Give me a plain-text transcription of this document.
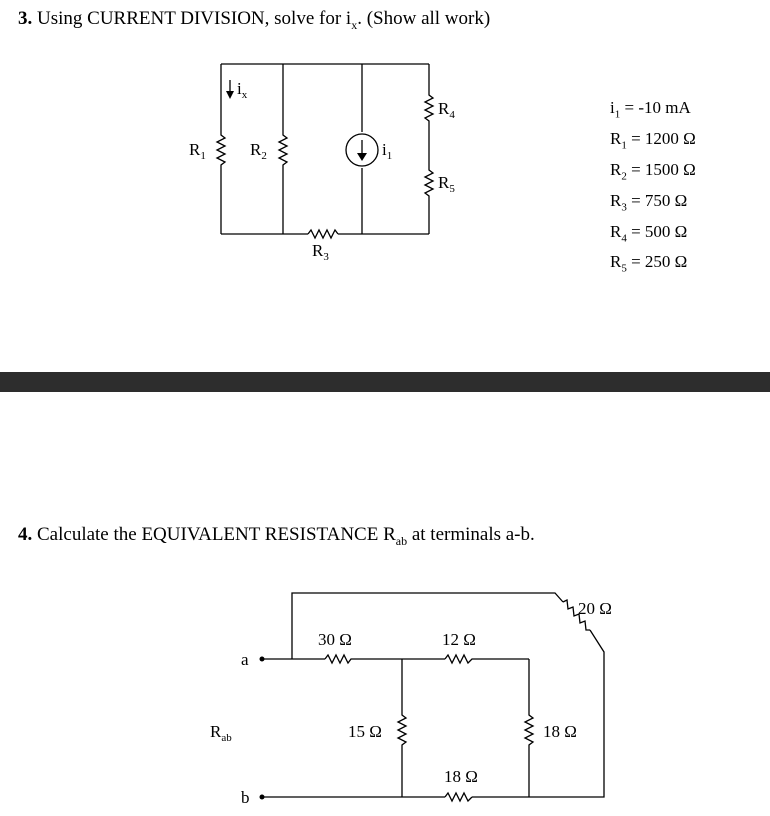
3. Using CURRENT DIVISION, solve for $i_x$. (Show all work)
$i_1 = -10$ mA
$R_1 = 1200$ Ω
$R_2 = 1500$ Ω
$R_3 = 750$ Ω
$R_4 = 500$ Ω
$R_5 = 250$ Ω
4. Calculate the EQUIVALENT RESISTANCE $R_{ab}$ at terminals a-b.
$i_x$
$R_1$	$R_2$
$R_3$
$R_4$
$R_5$
$i_1$
30 Ω	12 Ω
20 Ω
15 Ω	18 Ω
18 Ω
a
b
$R_{ab}$
